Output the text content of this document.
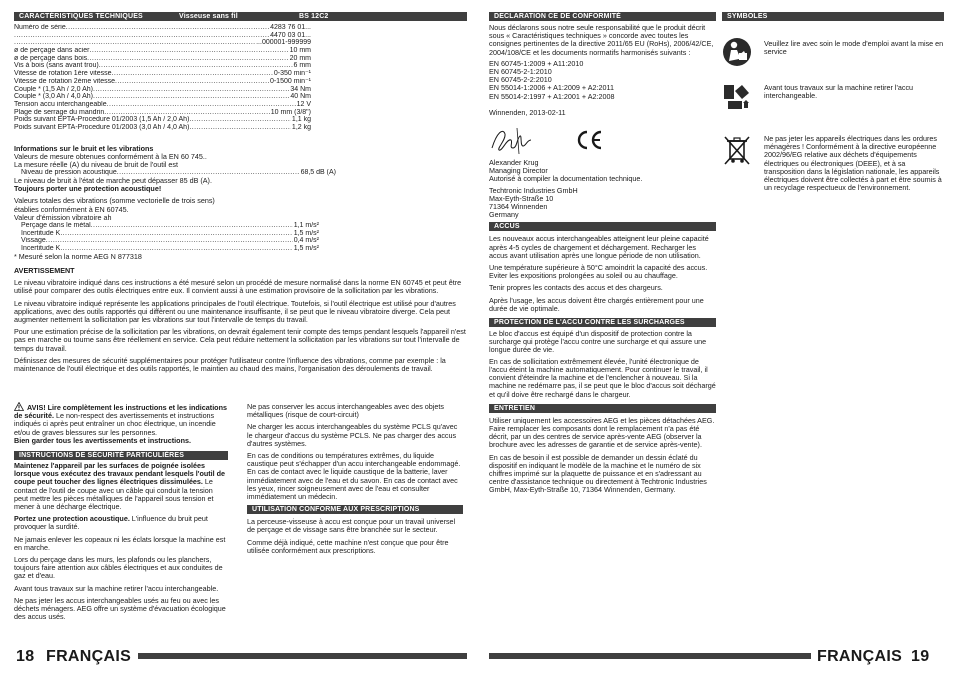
CARACTÉRISTIQUES TECHNIQUES	Visseuse sans fil	BS 12C2
Numéro de série .....	4283 76 01...
.....
4470 03 01...
.....
...000001-999999
ø de perçage dans acier .....	10 mm
ø de perçage dans bois .....	20 mm
Vis à bois (sans avant trou) .....	6 mm
Vitesse de rotation 1ère vitesse .....	0-350 min⁻¹
Vitesse de rotation 2ème vitesse .....	0-1500 min⁻¹
Couple * (1,5 Ah / 2,0 Ah) .....	34 Nm
Couple * (3,0 Ah / 4,0 Ah) .....	40 Nm
Tension accu interchangeable .....	12 V
Plage de serrage du mandrin .....	10 mm (3/8")
Poids suivant EPTA-Procedure 01/2003 (1,5 Ah / 2,0 Ah) .....	1,1 kg
Poids suivant EPTA-Procedure 01/2003 (3,0 Ah / 4,0 Ah) .....	1,2 kg
Informations sur le bruit et les vibrations
Valeurs de mesure obtenues conformément à la EN 60 745..
La mesure réelle (A) du niveau de bruit de l'outil est
Niveau de pression acoustique .....	68,5 dB (A)
Le niveau de bruit à l'état de marche peut dépasser 85 dB (A).
Toujours porter une protection acoustique!
Valeurs totales des vibrations (somme vectorielle de trois sens) établies conformément à EN 60745.
Valeur d'émission vibratoire ah
Perçage dans le métal .....	1,1 m/s²
Incertitude K .....	1,5 m/s²
Vissage .....	0,4 m/s²
Incertitude K .....	1,5 m/s²
* Mesuré selon la norme AEG N 877318
AVERTISSEMENT
Le niveau vibratoire indiqué dans ces instructions a été mesuré selon un procédé de mesure normalisé dans la norme EN 60745 et peut être utilisé pour comparer des outils électriques entre eux. Il convient aussi à une estimation provisoire de la sollicitation par les vibrations.
Le niveau vibratoire indiqué représente les applications principales de l'outil électrique. Toutefois, si l'outil électrique est utilisé pour d'autres applications, avec des outils rapportés qui diffèrent ou une maintenance insuffisante, il se peut que le niveau vibratoire diverge. Cela peut augmenter nettement la sollicitation par les vibrations sur tout l'intervalle de temps du travail.
Pour une estimation précise de la sollicitation par les vibrations, on devrait également tenir compte des temps pendant lesquels l'appareil n'est pas en marche ou tourne sans être réellement en service. Cela peut réduire nettement la sollicitation par les vibrations sur tout l'intervalle de temps du travail.
Définissez des mesures de sécurité supplémentaires pour protéger l'utilisateur contre l'influence des vibrations, comme par exemple : la maintenance de l'outil électrique et des outils rapportés, le maintien au chaud des mains, l'organisation des déroulements de travail.
AVIS! Lire complètement les instructions et les indications de sécurité. Le non-respect des avertissements et instructions indiqués ci après peut entraîner un choc électrique, un incendie et/ou de graves blessures sur les personnes.
Bien garder tous les avertissements et instructions.
INSTRUCTIONS DE SÉCURITÉ PARTICULIÈRES
Maintenez l'appareil par les surfaces de poignée isolées lorsque vous exécutez des travaux pendant lesquels l'outil de coupe peut toucher des lignes électriques dissimulées. Le contact de l'outil de coupe avec un câble qui conduit la tension peut mettre les pièces métalliques de l'appareil sous tension et mener à une décharge électrique.
Portez une protection acoustique. L'influence du bruit peut provoquer la surdité.
Ne jamais enlever les copeaux ni les éclats lorsque la machine est en marche.
Lors du perçage dans les murs, les plafonds ou les planchers, toujours faire attention aux câbles électriques et aux conduites de gaz et d'eau.
Avant tous travaux sur la machine retirer l'accu interchangeable.
Ne pas jeter les accus interchangeables usés au feu ou avec les déchets ménagers. AEG offre un système d'évacuation écologique des accus usés.
Ne pas conserver les accus interchangeables avec des objets métalliques (risque de court-circuit)
Ne charger les accus interchangeables du système PCLS qu'avec le chargeur d'accus du système PCLS. Ne pas charger des accus d'autres systèmes.
En cas de conditions ou températures extrêmes, du liquide caustique peut s'échapper d'un accu interchangeable endommagé. En cas de contact avec le liquide caustique de la batterie, laver immédiatement avec de l'eau et du savon. En cas de contact avec les yeux, rincer soigneusement avec de l'eau et consulter immédiatement un médecin.
UTILISATION CONFORME AUX PRESCRIPTIONS
La perceuse-visseuse à accu est conçue pour un travail universel de perçage et de vissage sans être branchée sur le secteur.
Comme déjà indiqué, cette machine n'est conçue que pour être utilisée conformément aux prescriptions.
DECLARATION CE DE CONFORMITÉ
Nous déclarons sous notre seule responsabilité que le produit décrit sous « Caractéristiques techniques » concorde avec toutes les consignes pertinentes de la directive 2011/65 EU (RoHs), 2006/42/CE, 2004/108/CE et les documents normatifs harmonisés suivants :
EN 60745-1:2009 + A11:2010
EN 60745-2-1:2010
EN 60745-2-2:2010
EN 55014-1:2006 + A1:2009 + A2:2011
EN 55014-2:1997 + A1:2001 + A2:2008
Winnenden, 2013-02-11
Alexander Krug
Managing Director
Autorisé à compiler la documentation technique.
Techtronic Industries GmbH
Max-Eyth-Straße 10
71364 Winnenden
Germany
ACCUS
Les nouveaux accus interchangeables atteignent leur pleine capacité après 4-5 cycles de chargement et déchargement. Recharger les accus avant utilisation après une longue période de non utilisation.
Une température supérieure à 50°C amoindrit la capacité des accus. Eviter les expositions prolongées au soleil ou au chauffage.
Tenir propres les contacts des accus et des chargeurs.
Après l'usage, les accus doivent être chargés entièrement pour une durée de vie optimale.
PROTECTION DE L'ACCU CONTRE LES SURCHARGES
Le bloc d'accus est équipé d'un dispositif de protection contre la surcharge qui protège l'accu contre une surcharge et qui assure une longue durée de vie.
En cas de sollicitation extrêmement élevée, l'unité électronique de l'accu éteint la machine automatiquement. Pour continuer le travail, il convient d'éteindre la machine et de l'enclencher à nouveau. Si la machine ne redémarre pas, il se peut que le bloc d'accus soit déchargé et qu'il doive être rechargé dans le chargeur.
ENTRETIEN
Utiliser uniquement les accessoires AEG et les pièces détachées AEG. Faire remplacer les composants dont le remplacement n'a pas été décrit, par un des centres de service après-vente AEG (observer la brochure avec les adresses de garantie et de service après-vente).
En cas de besoin il est possible de demander un dessin éclaté du dispositif en indiquant le modèle de la machine et le numéro de six chiffres imprimé sur la plaquette de puissance et en s'adressant au centre d'assistance technique ou directement à Techtronic Industries GmbH, Max-Eyth-Straße 10, 71364 Winnenden, Germany.
SYMBOLES
Veuillez lire avec soin le mode d'emploi avant la mise en service
Avant tous travaux sur la machine retirer l'accu interchangeable.
Ne pas jeter les appareils électriques dans les ordures ménagères ! Conformément à la directive européenne 2002/96/EG relative aux déchets d'équipements électriques ou électroniques (DEEE), et à sa transposition dans la législation nationale, les appareils électriques doivent être collectés à part et être soumis à un recyclage respectueux de l'environnement.
18 FRANÇAIS	FRANÇAIS 19
